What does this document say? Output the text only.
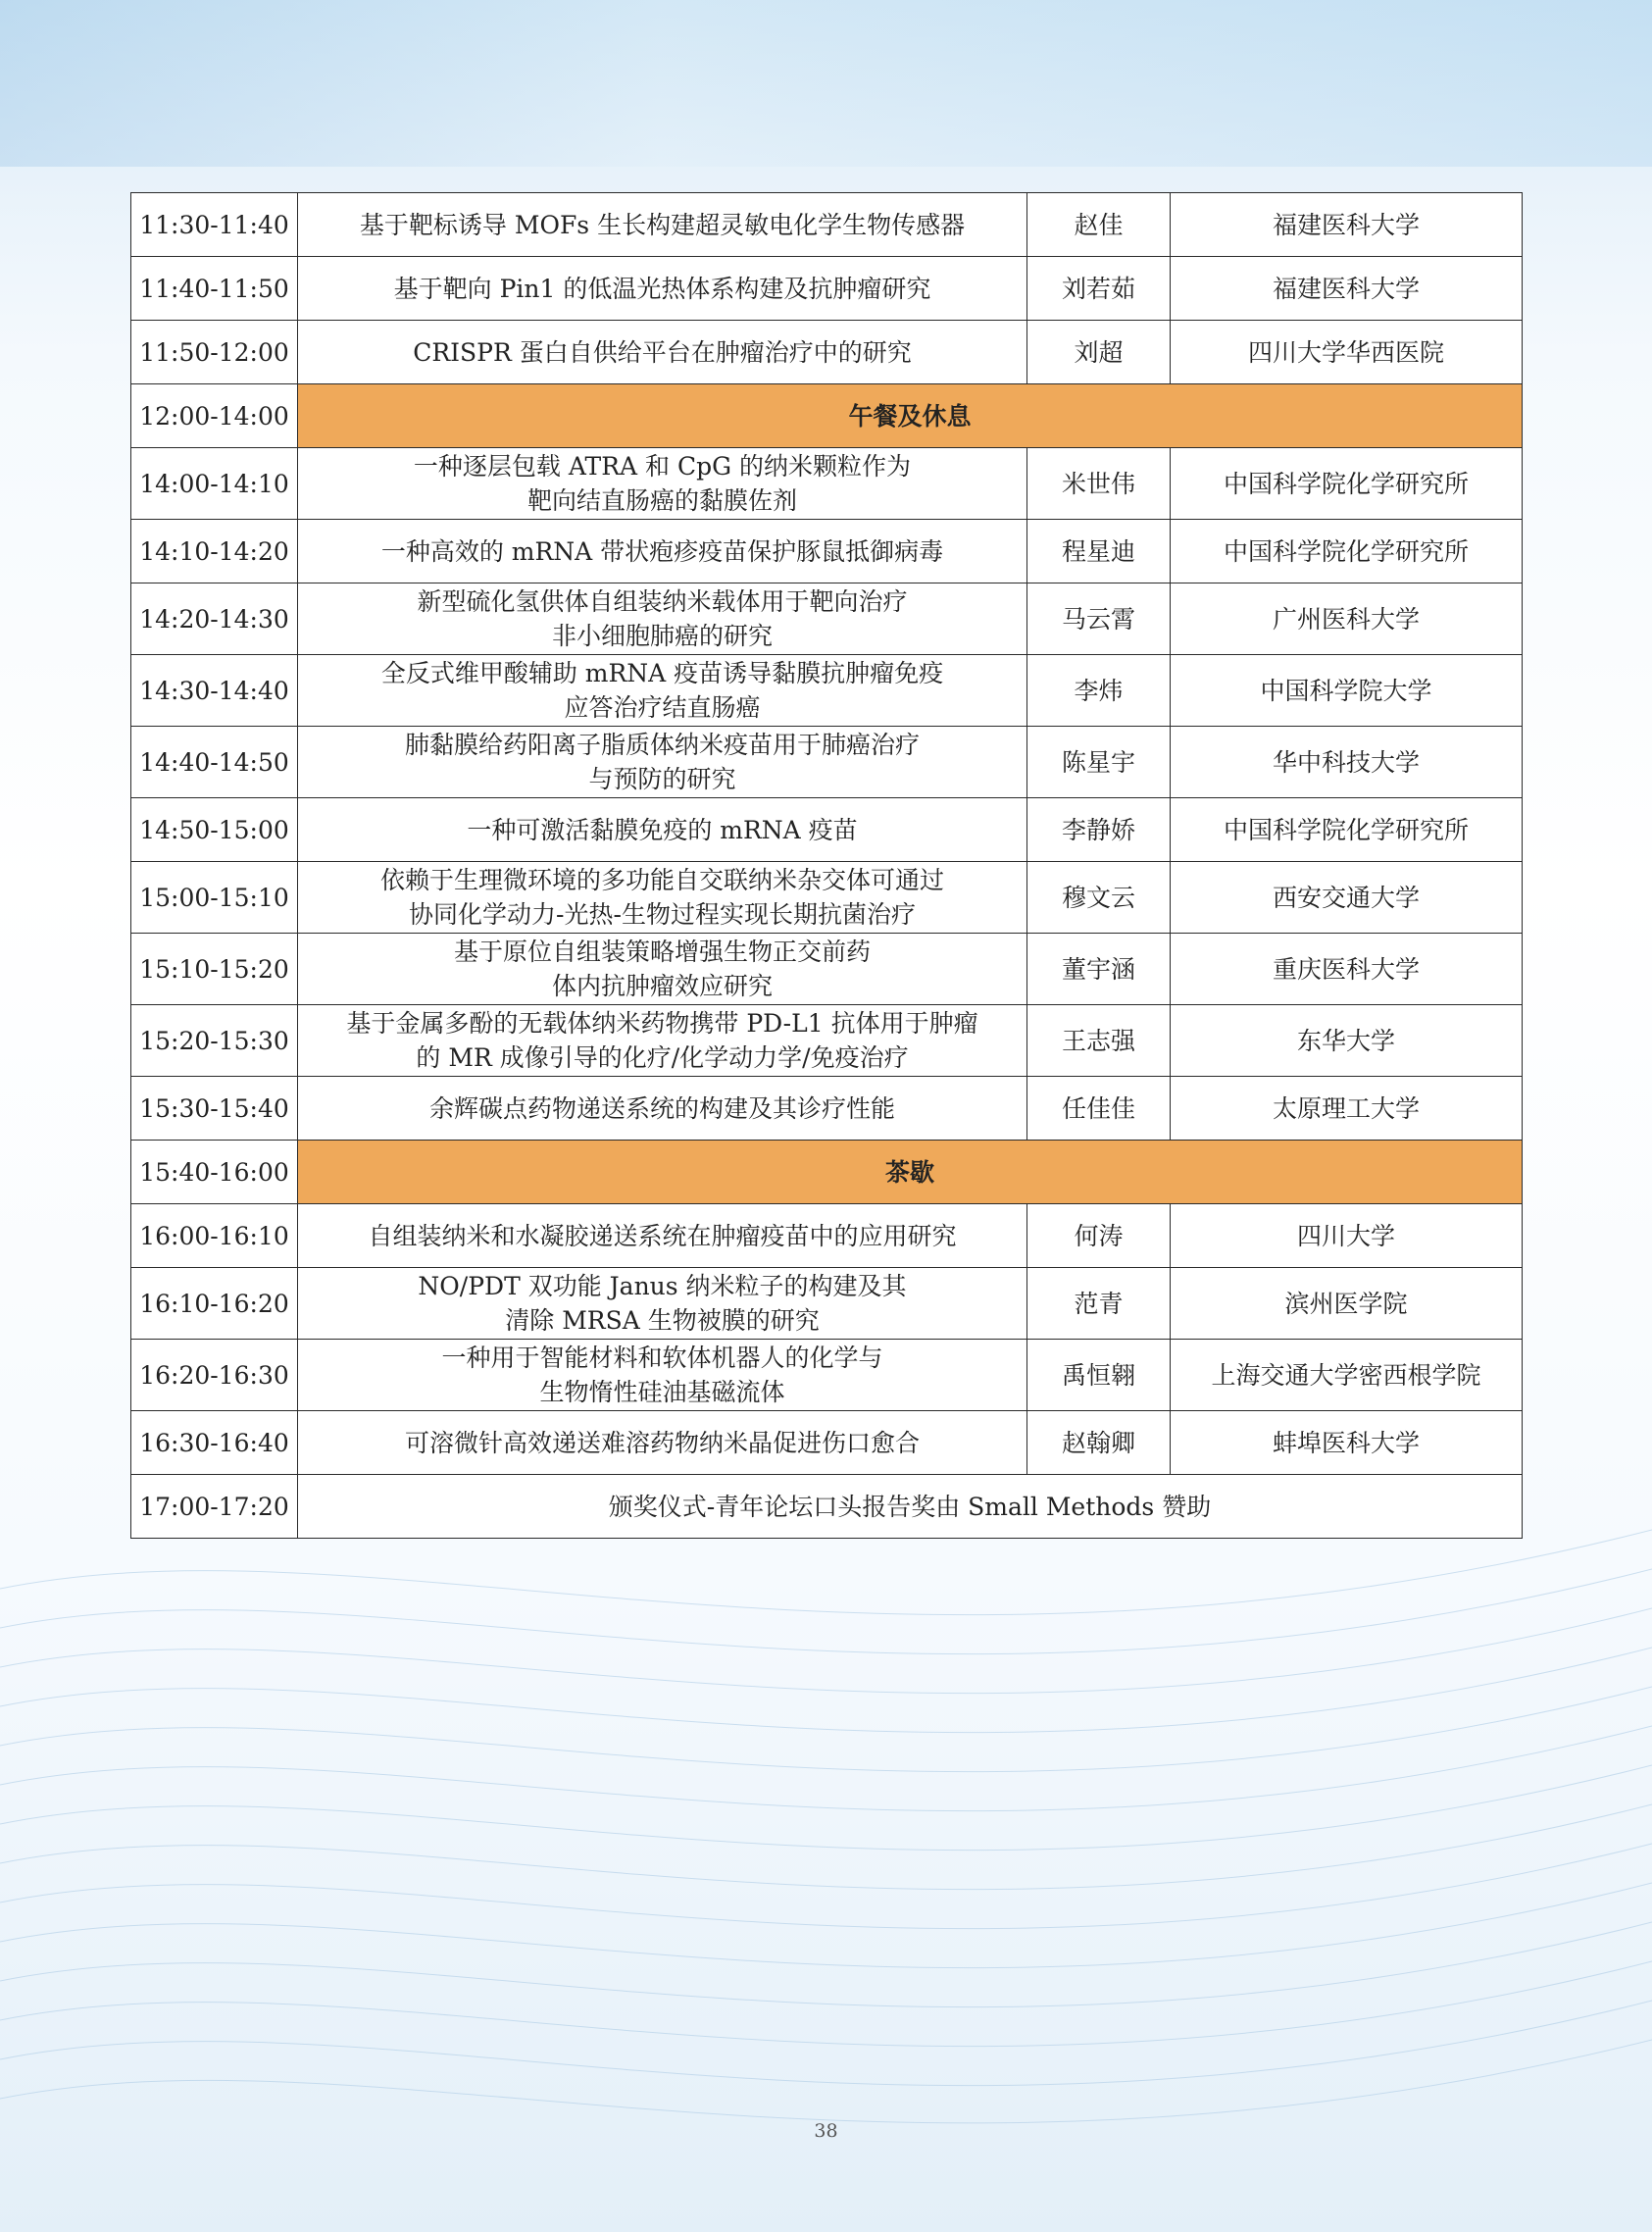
11:30-11:40	基于靶标诱导 MOFs 生长构建超灵敏电化学生物传感器	赵佳	福建医科大学
11:40-11:50	基于靶向 Pin1 的低温光热体系构建及抗肿瘤研究	刘若茹	福建医科大学
11:50-12:00	CRISPR 蛋白自供给平台在肿瘤治疗中的研究	刘超	四川大学华西医院
12:00-14:00	午餐及休息		
14:00-14:10	一种逐层包载 ATRA 和 CpG 的纳米颗粒作为
靶向结直肠癌的黏膜佐剂	米世伟	中国科学院化学研究所
14:10-14:20	一种高效的 mRNA 带状疱疹疫苗保护豚鼠抵御病毒	程星迪	中国科学院化学研究所
14:20-14:30	新型硫化氢供体自组装纳米载体用于靶向治疗
非小细胞肺癌的研究	马云霄	广州医科大学
14:30-14:40	全反式维甲酸辅助 mRNA 疫苗诱导黏膜抗肿瘤免疫
应答治疗结直肠癌	李炜	中国科学院大学
14:40-14:50	肺黏膜给药阳离子脂质体纳米疫苗用于肺癌治疗
与预防的研究	陈星宇	华中科技大学
14:50-15:00	一种可激活黏膜免疫的 mRNA 疫苗	李静娇	中国科学院化学研究所
15:00-15:10	依赖于生理微环境的多功能自交联纳米杂交体可通过
协同化学动力-光热-生物过程实现长期抗菌治疗	穆文云	西安交通大学
15:10-15:20	基于原位自组装策略增强生物正交前药
体内抗肿瘤效应研究	董宇涵	重庆医科大学
15:20-15:30	基于金属多酚的无载体纳米药物携带 PD-L1 抗体用于肿瘤
的 MR 成像引导的化疗/化学动力学/免疫治疗	王志强	东华大学
15:30-15:40	余辉碳点药物递送系统的构建及其诊疗性能	任佳佳	太原理工大学
15:40-16:00	茶歇		
16:00-16:10	自组装纳米和水凝胶递送系统在肿瘤疫苗中的应用研究	何涛	四川大学
16:10-16:20	NO/PDT 双功能 Janus 纳米粒子的构建及其
清除 MRSA 生物被膜的研究	范青	滨州医学院
16:20-16:30	一种用于智能材料和软体机器人的化学与
生物惰性硅油基磁流体	禹恒翱	上海交通大学密西根学院
16:30-16:40	可溶微针高效递送难溶药物纳米晶促进伤口愈合	赵翰卿	蚌埠医科大学
17:00-17:20	颁奖仪式-青年论坛口头报告奖由 Small Methods 赞助		
38
